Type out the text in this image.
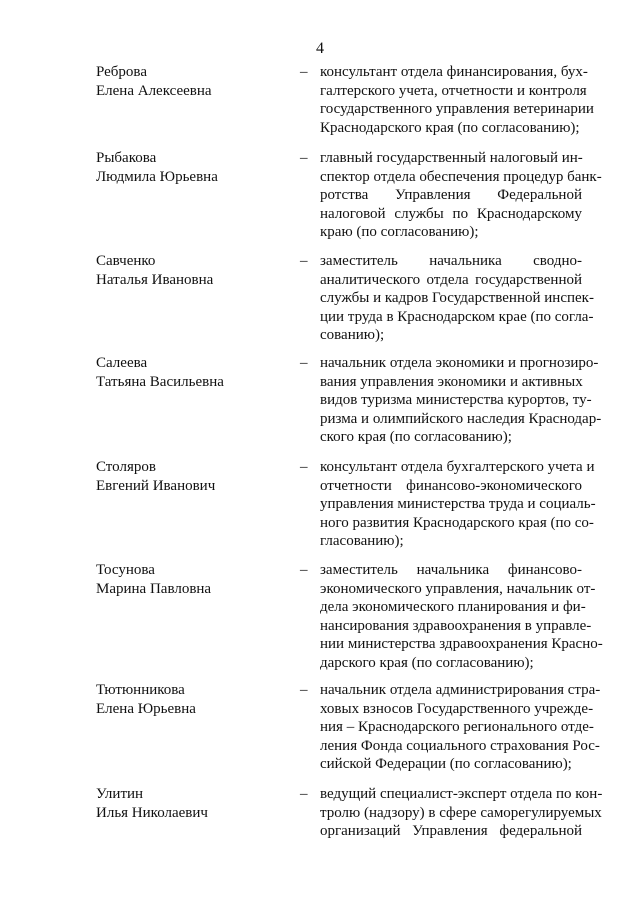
4
Реброва
Елена Алексеевна
– консультант отдела финансирования, бух-
галтерского учета, отчетности и контроля
государственного управления ветеринарии
Краснодарского края (по согласованию);
Рыбакова
Людмила Юрьевна
– главный государственный налоговый ин-
спектор отдела обеспечения процедур банк-
ротства Управления Федеральной
налоговой службы по Краснодарскому
краю (по согласованию);
Савченко
Наталья Ивановна
– заместитель начальника сводно-
аналитического отдела государственной
службы и кадров Государственной инспек-
ции труда в Краснодарском крае (по согла-
сованию);
Салеева
Татьяна Васильевна
– начальник отдела экономики и прогнозиро-
вания управления экономики и активных
видов туризма министерства курортов, ту-
ризма и олимпийского наследия Краснодар-
ского края (по согласованию);
Столяров
Евгений Иванович
– консультант отдела бухгалтерского учета и
отчетности финансово-экономического
управления министерства труда и социаль-
ного развития Краснодарского края (по со-
гласованию);
Тосунова
Марина Павловна
– заместитель начальника финансово-
экономического управления, начальник от-
дела экономического планирования и фи-
нансирования здравоохранения в управле-
нии министерства здравоохранения Красно-
дарского края (по согласованию);
Тютюнникова
Елена Юрьевна
– начальник отдела администрирования стра-
ховых взносов Государственного учрежде-
ния – Краснодарского регионального отде-
ления Фонда социального страхования Рос-
сийской Федерации (по согласованию);
Улитин
Илья Николаевич
– ведущий специалист-эксперт отдела по кон-
тролю (надзору) в сфере саморегулируемых
организаций Управления федеральной
